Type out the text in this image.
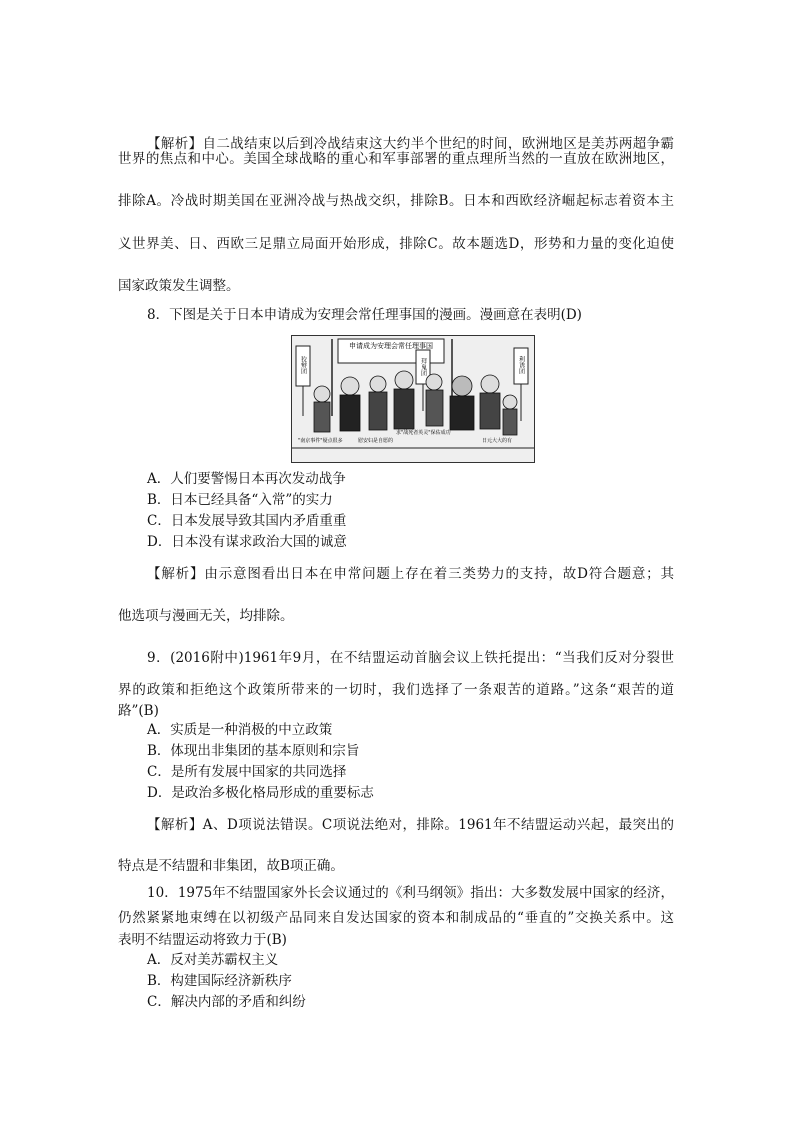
【解析】自二战结束以后到冷战结束这大约半个世纪的时间，欧洲地区是美苏两超争霸
世界的焦点和中心。美国全球战略的重心和军事部署的重点理所当然的一直放在欧洲地区，
排除A。冷战时期美国在亚洲冷战与热战交织，排除B。日本和西欧经济崛起标志着资本主
义世界美、日、西欧三足鼎立局面开始形成，排除C。故本题选D，形势和力量的变化迫使
国家政策发生调整。
8．下图是关于日本申请成为安理会常任理事国的漫画。漫画意在表明(D)
申请成为安理会常任理事国
狡辩团	拜鬼团	利诱团
"南京事件"疑点很多	慰安妇是自愿的
求"战死者英灵"保佑成功
日元大大的有
A．人们要警惕日本再次发动战争
B．日本已经具备“入常”的实力
C．日本发展导致其国内矛盾重重
D．日本没有谋求政治大国的诚意
【解析】由示意图看出日本在申常问题上存在着三类势力的支持，故D符合题意；其
他选项与漫画无关，均排除。
9．(2016附中)1961年9月，在不结盟运动首脑会议上铁托提出：“当我们反对分裂世
界的政策和拒绝这个政策所带来的一切时，我们选择了一条艰苦的道路。”这条“艰苦的道
路”(B)
A．实质是一种消极的中立政策
B．体现出非集团的基本原则和宗旨
C．是所有发展中国家的共同选择
D．是政治多极化格局形成的重要标志
【解析】A、D项说法错误。C项说法绝对，排除。1961年不结盟运动兴起，最突出的
特点是不结盟和非集团，故B项正确。
10．1975年不结盟国家外长会议通过的《利马纲领》指出：大多数发展中国家的经济，
仍然紧紧地束缚在以初级产品同来自发达国家的资本和制成品的“垂直的”交换关系中。这
表明不结盟运动将致力于(B)
A．反对美苏霸权主义
B．构建国际经济新秩序
C．解决内部的矛盾和纠纷
